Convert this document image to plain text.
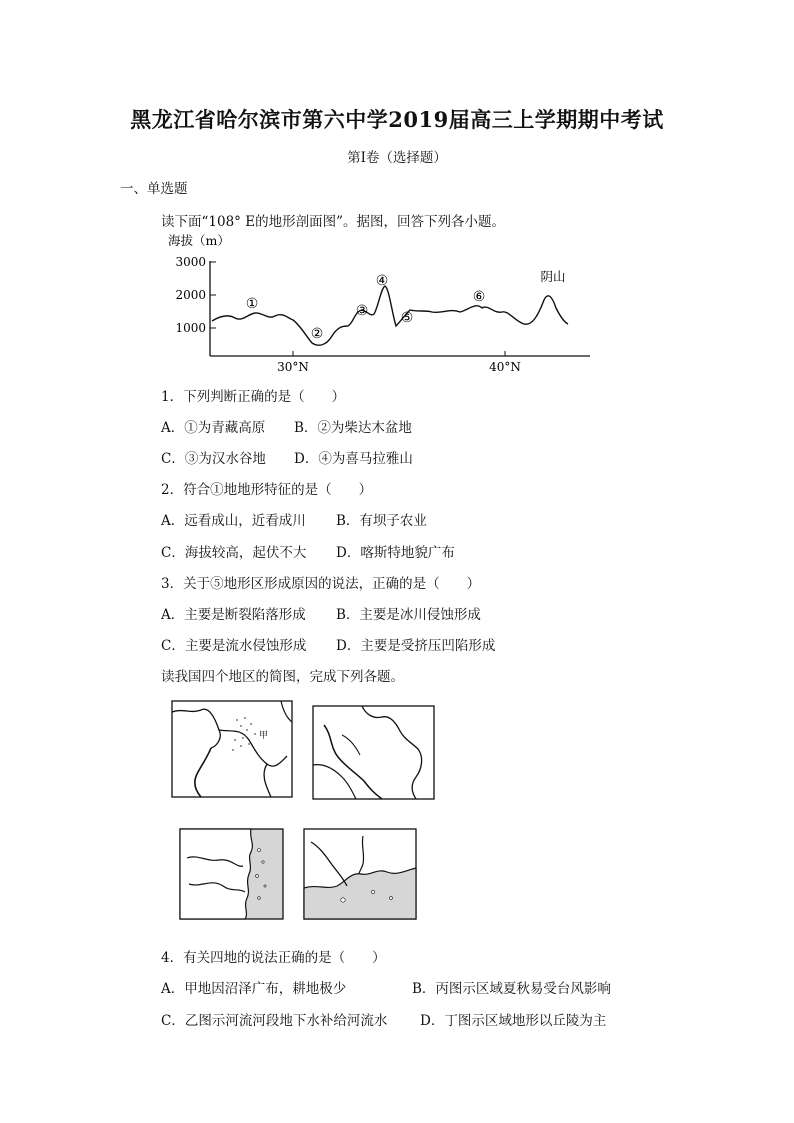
黑龙江省哈尔滨市第六中学2019届高三上学期期中考试
第I卷（选择题）
一、单选题
读下面“108° E的地形剖面图”。据图，回答下列各小题。
海拔（m）
3000
2000
1000
30°N	40°N
①
②
③
④
⑤
⑥
阴山
1．下列判断正确的是（　　）
A．①为青藏高原 B．②为柴达木盆地
C．③为汉水谷地 D．④为喜马拉雅山
2．符合①地地形特征的是（　　）
A．远看成山，近看成川 B．有坝子农业
C．海拔较高，起伏不大 D．喀斯特地貌广布
3．关于⑤地形区形成原因的说法，正确的是（　　）
A．主要是断裂陷落形成 B．主要是冰川侵蚀形成
C．主要是流水侵蚀形成 D．主要是受挤压凹陷形成
读我国四个地区的简图，完成下列各题。
甲
4．有关四地的说法正确的是（　　）
A．甲地因沼泽广布，耕地极少	B．丙图示区域夏秋易受台风影响
C．乙图示河流河段地下水补给河流水 D．丁图示区域地形以丘陵为主
